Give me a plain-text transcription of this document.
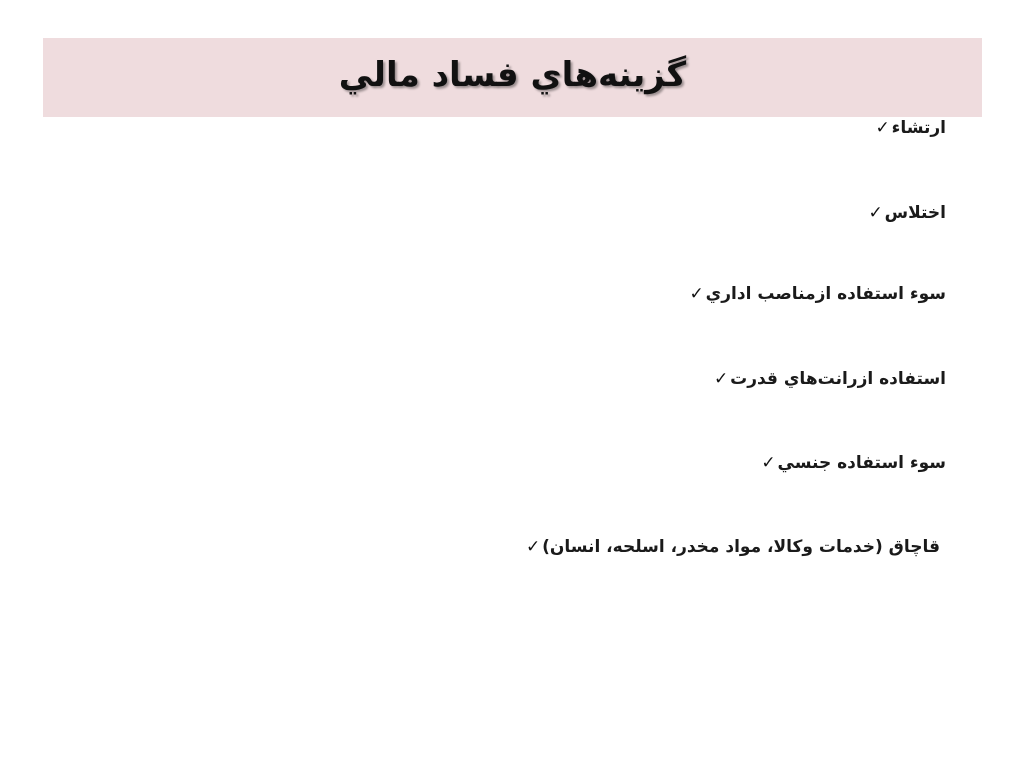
گزينه‌هاي فساد مالي
✓ ارتشاء
✓ اختلاس
✓ سوء استفاده ازمناصب اداري
✓ استفاده ازرانت‌هاي قدرت
✓ سوء استفاده جنسي
✓ قاچاق (خدمات وكالا، مواد مخدر، اسلحه، انسان)
